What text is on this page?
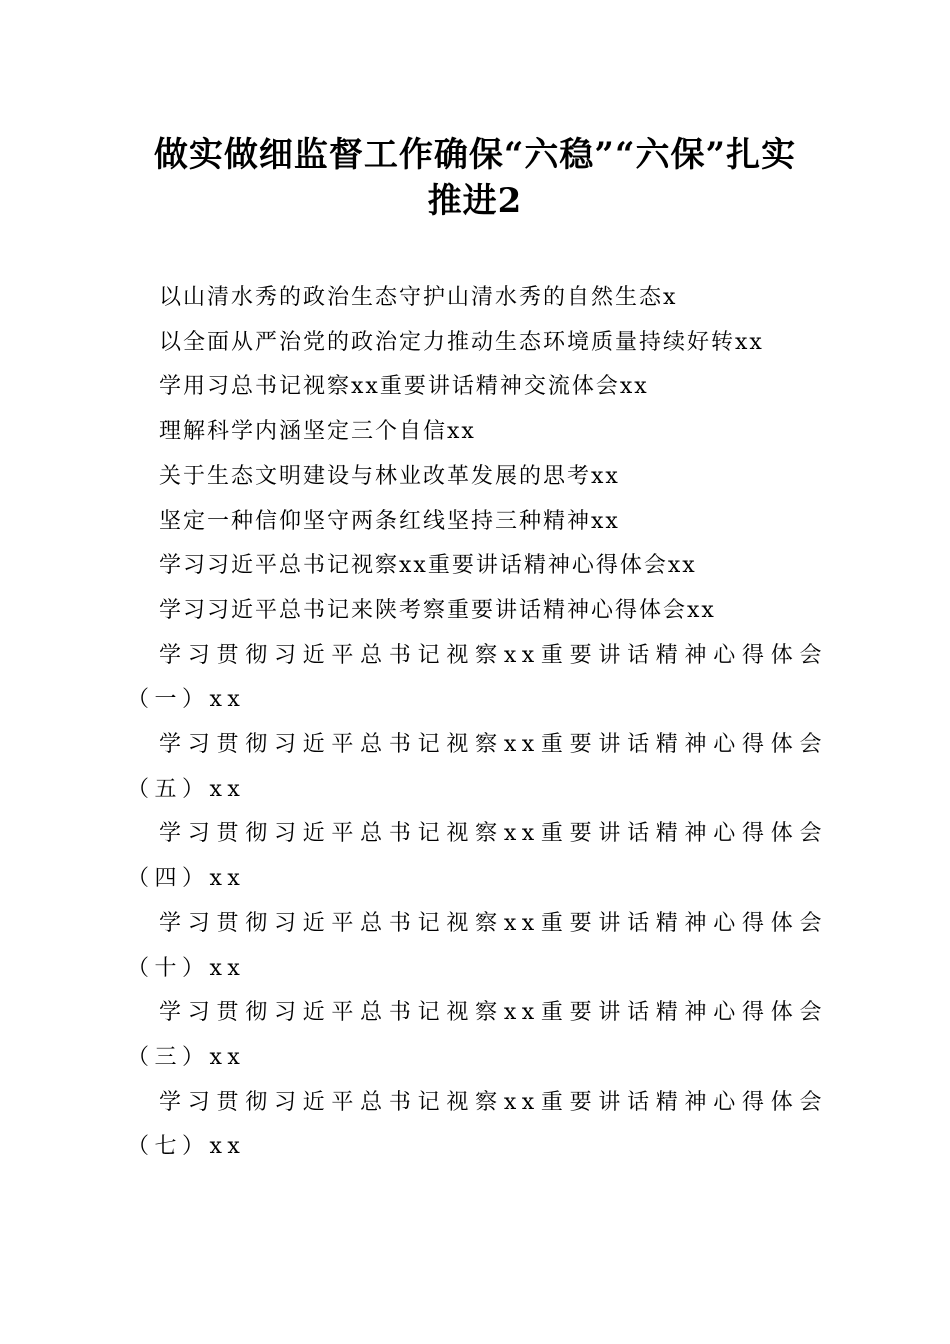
做实做细监督工作确保“六稳”“六保”扎实
推进2
以山清水秀的政治生态守护山清水秀的自然生态x
以全面从严治党的政治定力推动生态环境质量持续好转xx
学用习总书记视察xx重要讲话精神交流体会xx
理解科学内涵坚定三个自信xx
关于生态文明建设与林业改革发展的思考xx
坚定一种信仰坚守两条红线坚持三种精神xx
学习习近平总书记视察xx重要讲话精神心得体会xx
学习习近平总书记来陕考察重要讲话精神心得体会xx
学习贯彻习近平总书记视察xx重要讲话精神心得体会（一）xx
学习贯彻习近平总书记视察xx重要讲话精神心得体会（五）xx
学习贯彻习近平总书记视察xx重要讲话精神心得体会（四）xx
学习贯彻习近平总书记视察xx重要讲话精神心得体会（十）xx
学习贯彻习近平总书记视察xx重要讲话精神心得体会（三）xx
学习贯彻习近平总书记视察xx重要讲话精神心得体会（七）xx
